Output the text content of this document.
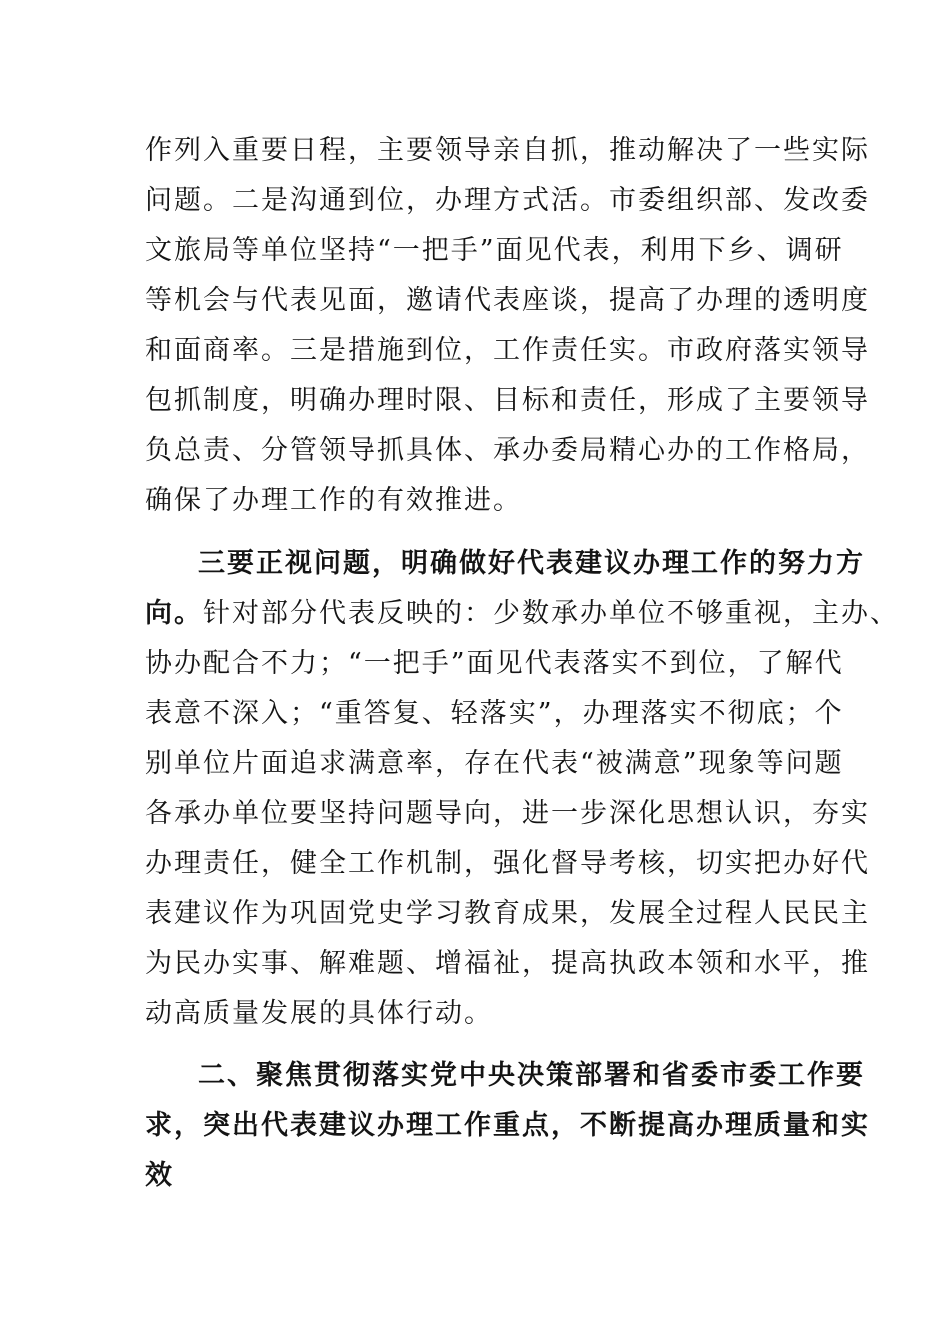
作列入重要日程，主要领导亲自抓，推动解决了一些实际
问题。二是沟通到位，办理方式活。市委组织部、发改委
文旅局等单位坚持“一把手”面见代表，利用下乡、调研
等机会与代表见面，邀请代表座谈，提高了办理的透明度
和面商率。三是措施到位，工作责任实。市政府落实领导
包抓制度，明确办理时限、目标和责任，形成了主要领导
负总责、分管领导抓具体、承办委局精心办的工作格局，
确保了办理工作的有效推进。
三要正视问题，明确做好代表建议办理工作的努力方
向。针对部分代表反映的：少数承办单位不够重视，主办、
协办配合不力；“一把手”面见代表落实不到位，了解代
表意不深入；“重答复、轻落实”，办理落实不彻底；个
别单位片面追求满意率，存在代表“被满意”现象等问题
各承办单位要坚持问题导向，进一步深化思想认识，夯实
办理责任，健全工作机制，强化督导考核，切实把办好代
表建议作为巩固党史学习教育成果，发展全过程人民民主
为民办实事、解难题、增福祉，提高执政本领和水平，推
动高质量发展的具体行动。
二、聚焦贯彻落实党中央决策部署和省委市委工作要
求，突出代表建议办理工作重点，不断提高办理质量和实
效
